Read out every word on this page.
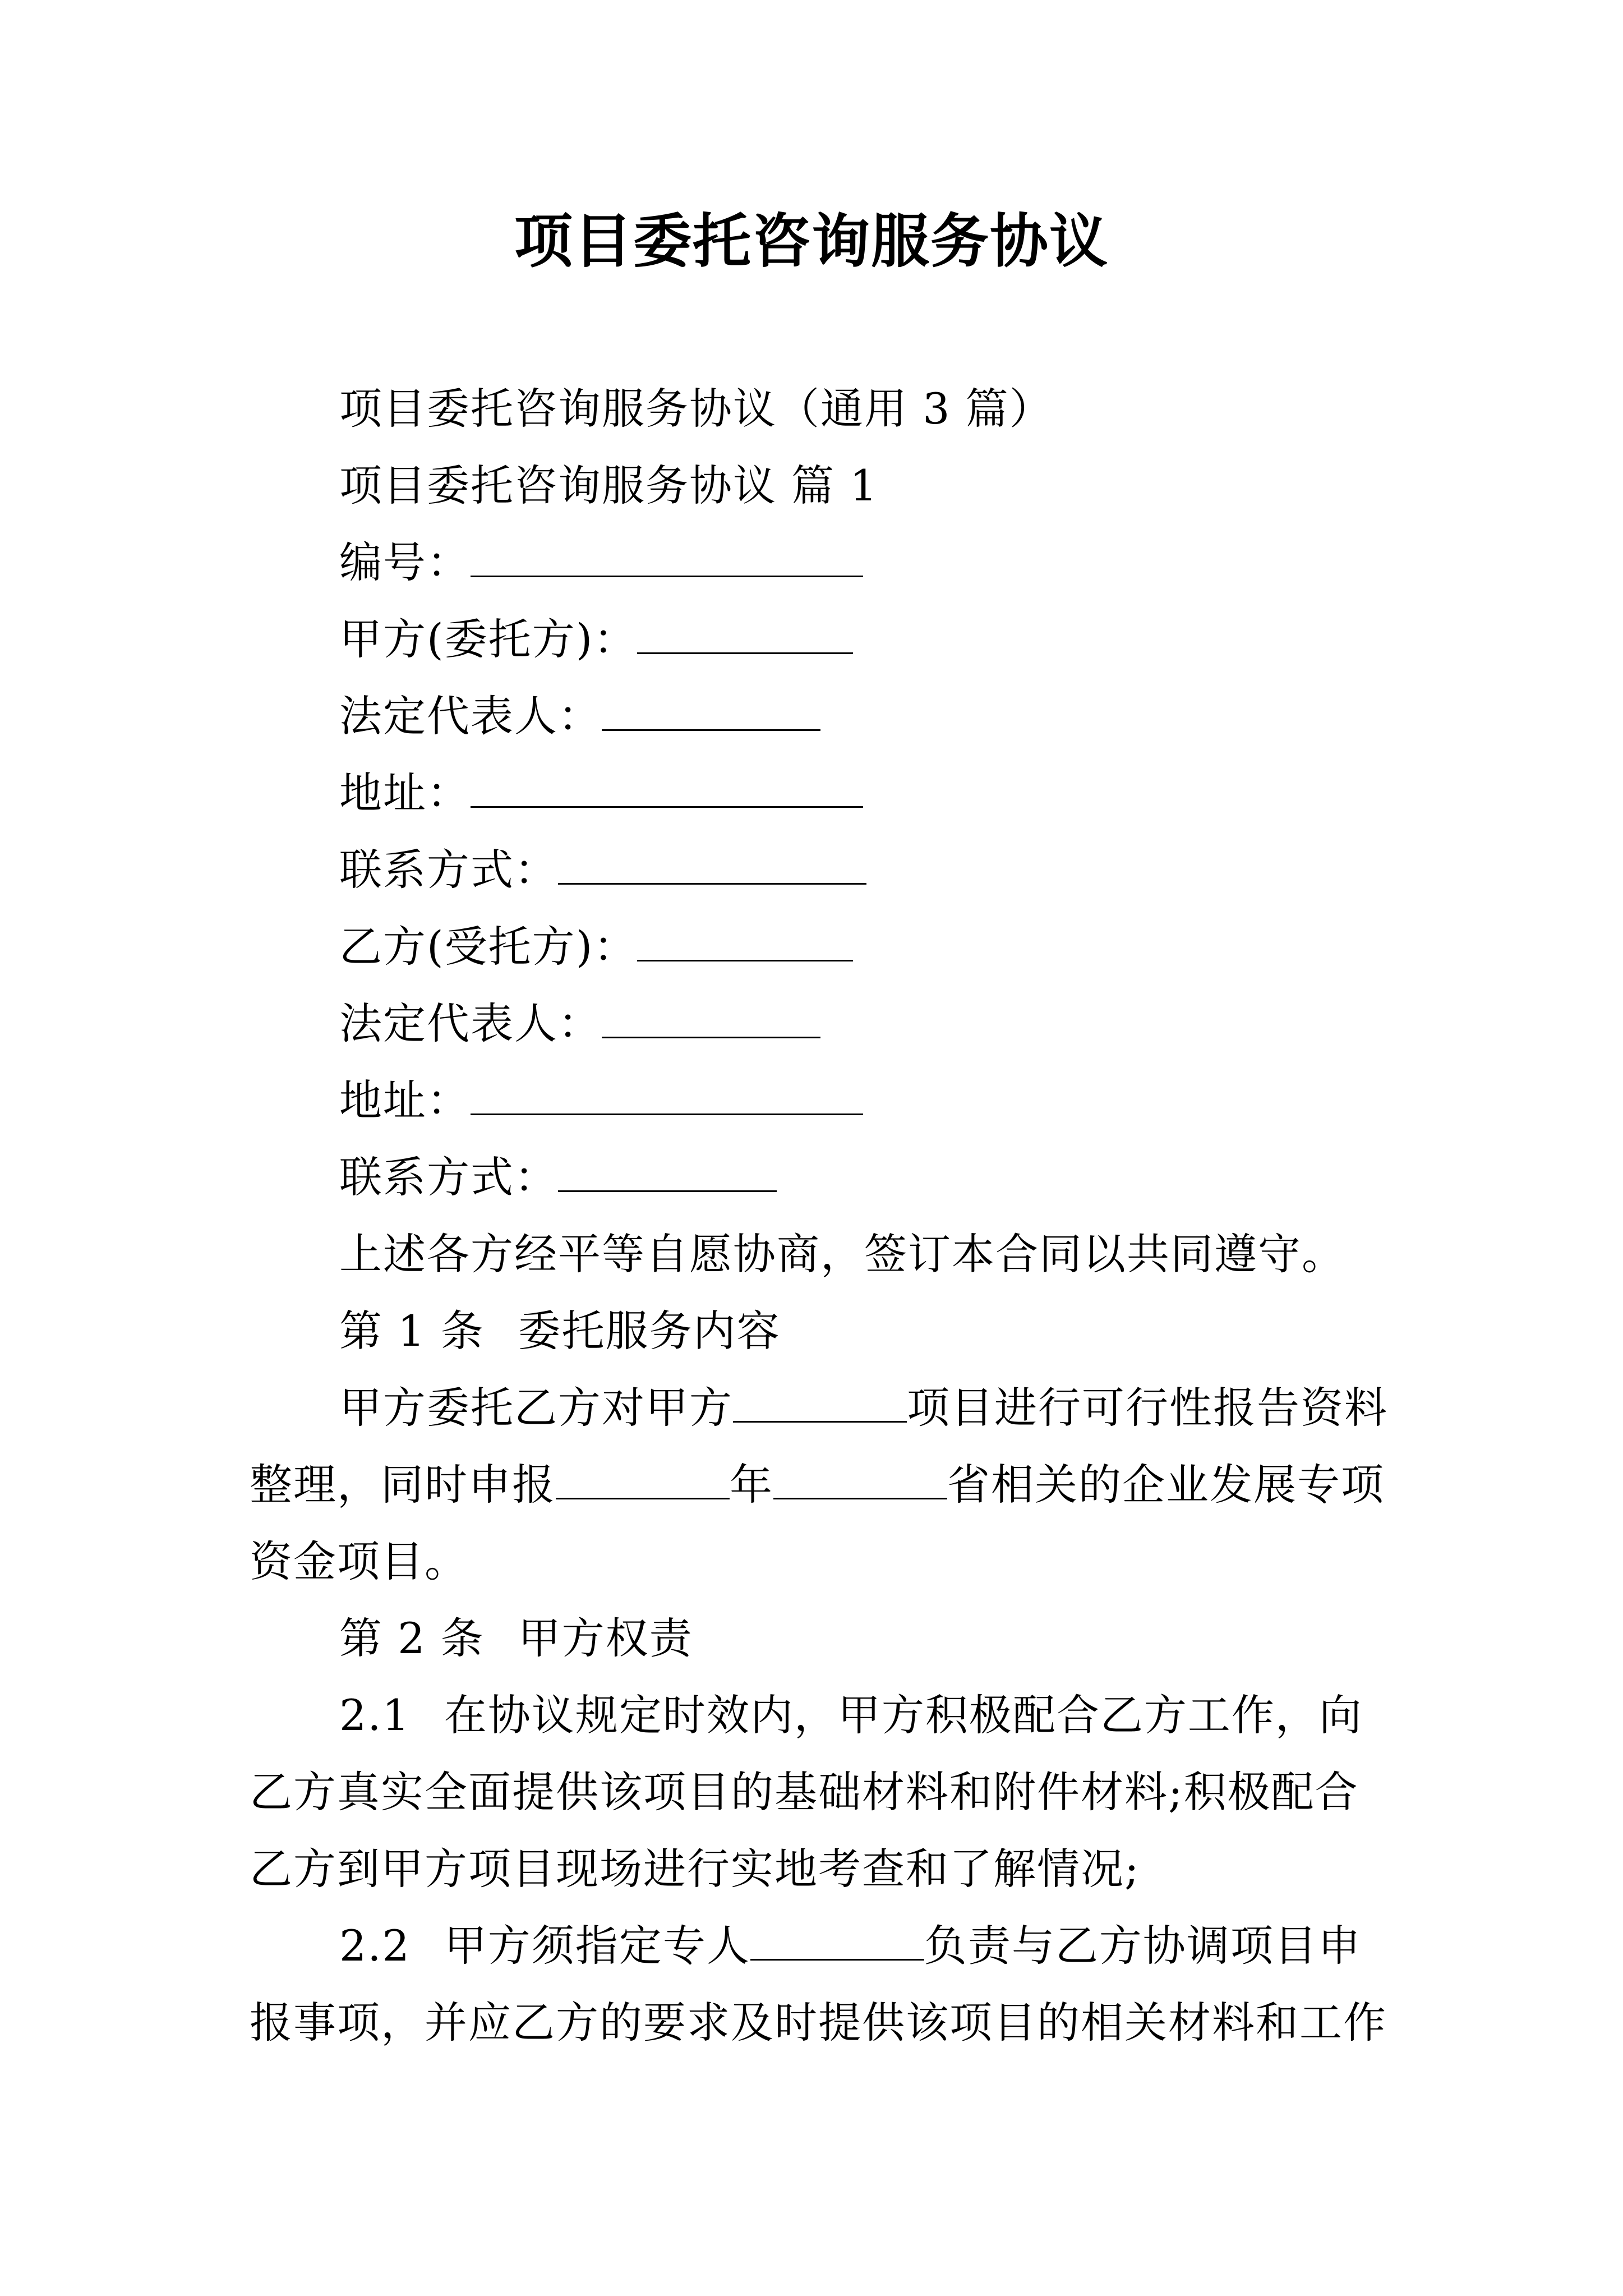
项目委托咨询服务协议
项目委托咨询服务协议（通用 3 篇）
项目委托咨询服务协议 篇 1
编号：
甲方(委托方)：
法定代表人：
地址：
联系方式：
乙方(受托方)：
法定代表人：
地址：
联系方式：
上述各方经平等自愿协商，签订本合同以共同遵守。
第 1 条 委托服务内容
甲方委托乙方对甲方	项目进行可行性报告资料
整理，同时申报	年	省相关的企业发展专项
资金项目。
第 2 条 甲方权责
2.1 在协议规定时效内，甲方积极配合乙方工作，向
乙方真实全面提供该项目的基础材料和附件材料;积极配合
乙方到甲方项目现场进行实地考查和了解情况;
2.2 甲方须指定专人	负责与乙方协调项目申
报事项，并应乙方的要求及时提供该项目的相关材料和工作
